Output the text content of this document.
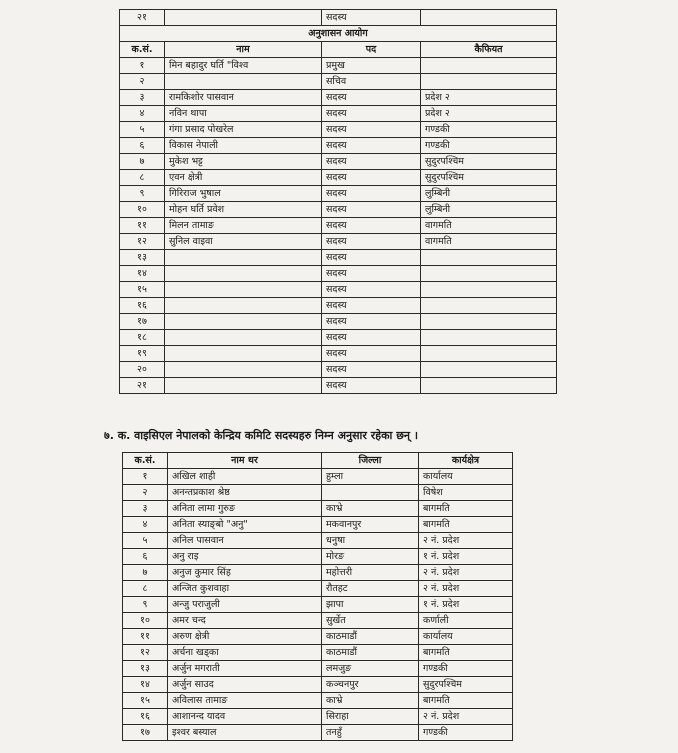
२१		सदस्य	
अनुशासन आयोग			
क.सं.	नाम	पद	कैफियत
१	मिन बहादुर घर्ति "विश्व	प्रमुख	
२		सचिव	
३	रामकिशोर पासवान	सदस्य	प्रदेश २
४	नविन थापा	सदस्य	प्रदेश २
५	गंगा प्रसाद पोखरेल	सदस्य	गण्डकी
६	विकास नेपाली	सदस्य	गण्डकी
७	मुकेश भट्ट	सदस्य	सुदुरपश्चिम
८	एवन क्षेत्री	सदस्य	सुदुरपश्चिम
९	गिरिराज भुषाल	सदस्य	लुम्बिनी
१०	मोहन घर्ति प्रवेश	सदस्य	लुम्बिनी
११	मिलन तामाङ	सदस्य	वागमति
१२	सुनिल वाइवा	सदस्य	वागमति
१३		सदस्य	
१४		सदस्य	
१५		सदस्य	
१६		सदस्य	
१७		सदस्य	
१८		सदस्य	
१९		सदस्य	
२०		सदस्य	
२१		सदस्य	
७. क. वाइसिएल नेपालको केन्द्रिय कमिटि सदस्यहरु निम्न अनुसार रहेका छन् ।
क.सं.	नाम थर	जिल्ला	कार्यक्षेत्र
१	अखिल शाही	हुम्ला	कार्यालय
२	अनन्तप्रकाश श्रेष्ठ		विषेश
३	अनिता लामा गुरुङ	काभ्रे	बागमति
४	अनिता स्याङ्बो "अनु"	मकवानपुर	बागमति
५	अनिल पासवान	धनुषा	२ नं. प्रदेश
६	अनु राइ	मोरङ	१ नं. प्रदेश
७	अनुज कुमार सिंह	महोत्तरी	२ नं. प्रदेश
८	अन्जित कुशवाहा	रौतहट	२ नं. प्रदेश
९	अन्जु पराजुली	झापा	१ नं. प्रदेश
१०	अमर चन्द	सुर्खेत	कर्णाली
११	अरुण क्षेत्री	काठमाडौं	कार्यालय
१२	अर्चना खड्का	काठमाडौं	बागमति
१३	अर्जुन मगराती	लमजुङ	गण्डकी
१४	अर्जुन साउद	कञ्चनपुर	सुदुरपश्चिम
१५	अविलास तामाङ	काभ्रे	बागमति
१६	आशानन्द यादव	सिराहा	२ नं. प्रदेश
१७	इश्वर बस्याल	तनहुँ	गण्डकी
